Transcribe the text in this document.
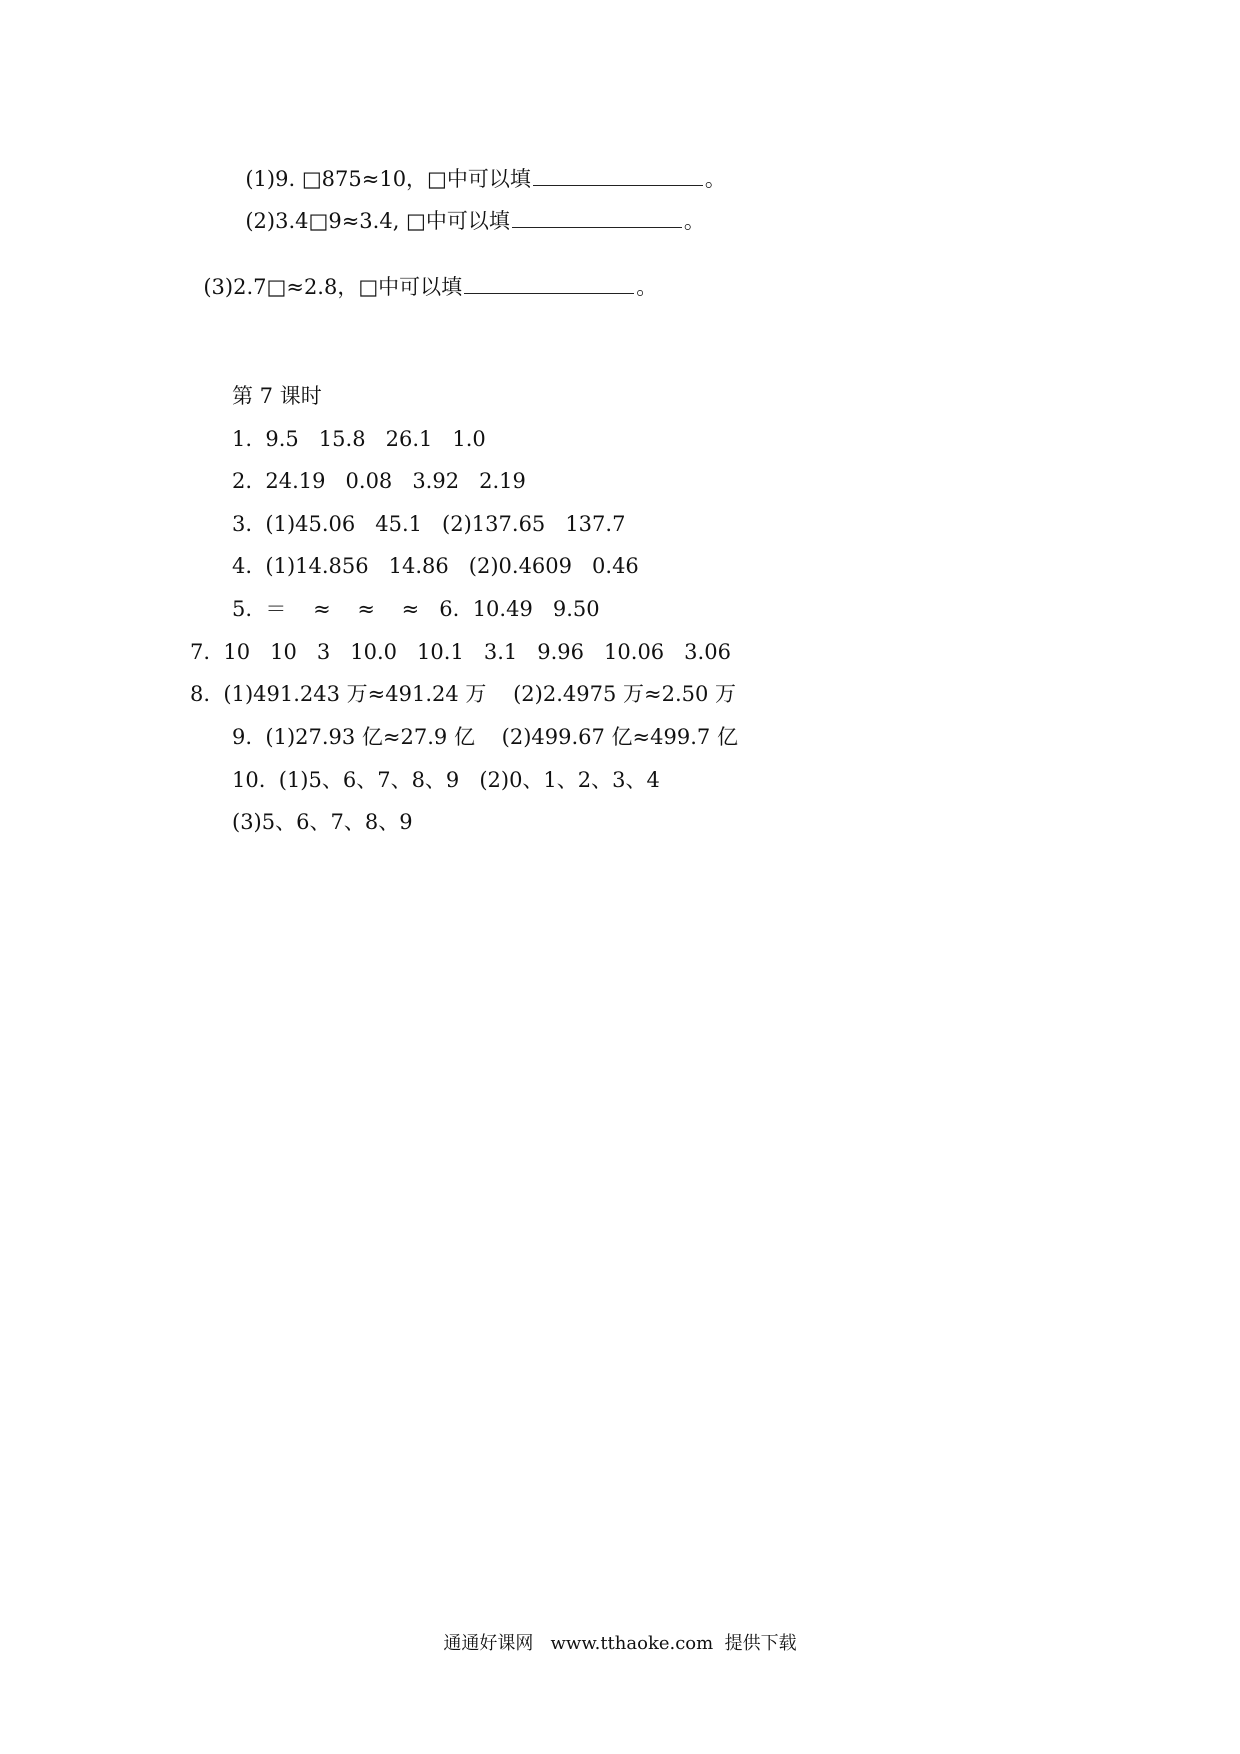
(1)9. □875≈10，□中可以填	。

(2)3.4□9≈3.4, □中可以填	。

(3)2.7□≈2.8，□中可以填	。

第 7 课时
1.  9.5   15.8   26.1   1.0
2.  24.19   0.08   3.92   2.19
3.  (1)45.06   45.1   (2)137.65   137.7
4.  (1)14.856   14.86   (2)0.4609   0.46
5.  ＝    ≈    ≈    ≈   6.  10.49   9.50
7.  10   10   3   10.0   10.1   3.1   9.96   10.06   3.06
8.  (1)491.243 万≈491.24 万    (2)2.4975 万≈2.50 万
9.  (1)27.93 亿≈27.9 亿    (2)499.67 亿≈499.7 亿
10.  (1)5、6、7、8、9   (2)0、1、2、3、4
(3)5、6、7、8、9
通通好课网   www.tthaoke.com  提供下载
